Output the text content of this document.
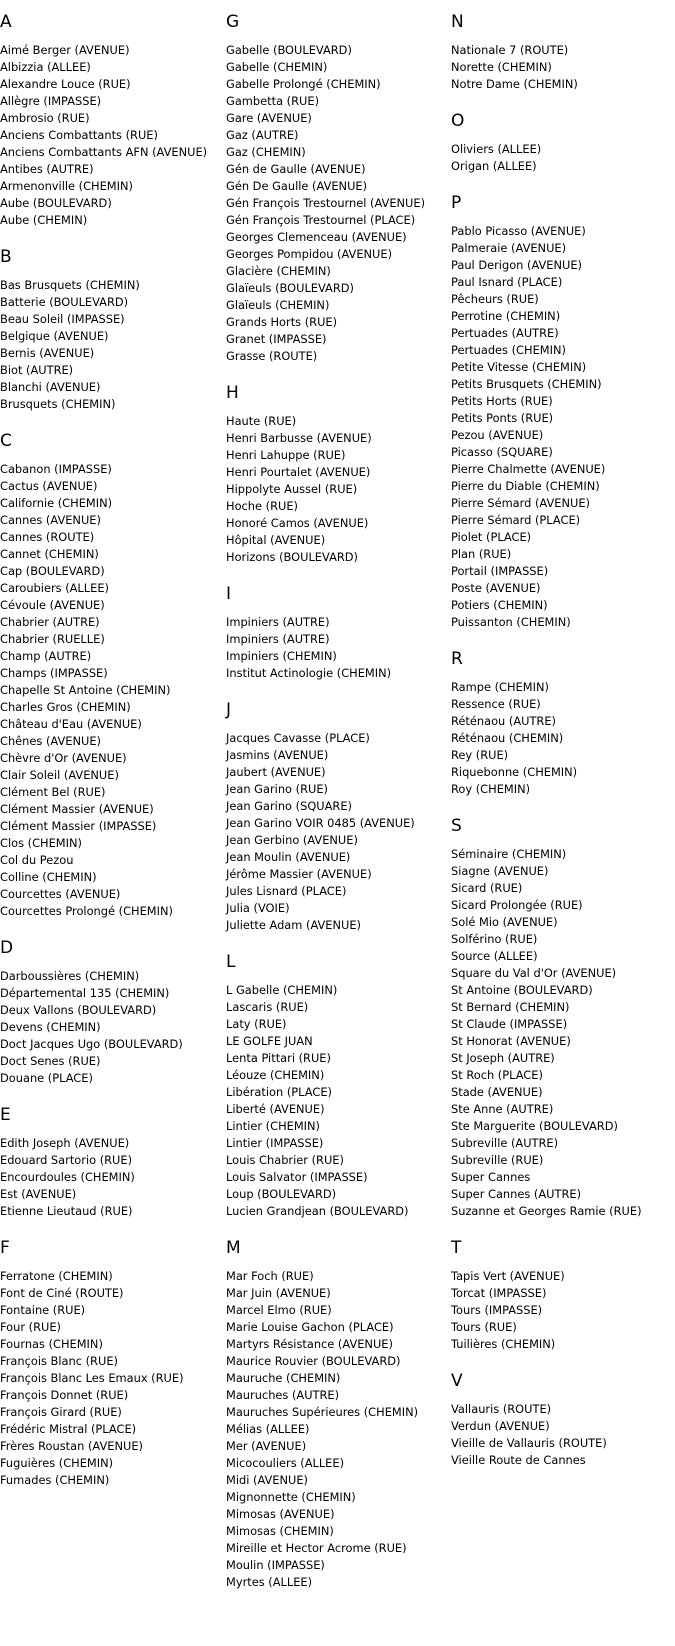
A
Aimé Berger (AVENUE)
Albizzia (ALLEE)
Alexandre Louce (RUE)
Allègre (IMPASSE)
Ambrosio (RUE)
Anciens Combattants (RUE)
Anciens Combattants AFN (AVENUE)
Antibes (AUTRE)
Armenonville (CHEMIN)
Aube (BOULEVARD)
Aube (CHEMIN)
B
Bas Brusquets (CHEMIN)
Batterie (BOULEVARD)
Beau Soleil (IMPASSE)
Belgique (AVENUE)
Bernis (AVENUE)
Biot (AUTRE)
Blanchi (AVENUE)
Brusquets (CHEMIN)
C
Cabanon (IMPASSE)
Cactus (AVENUE)
Californie (CHEMIN)
Cannes (AVENUE)
Cannes (ROUTE)
Cannet (CHEMIN)
Cap (BOULEVARD)
Caroubiers (ALLEE)
Cévoule (AVENUE)
Chabrier (AUTRE)
Chabrier (RUELLE)
Champ (AUTRE)
Champs (IMPASSE)
Chapelle St Antoine (CHEMIN)
Charles Gros (CHEMIN)
Château d'Eau (AVENUE)
Chênes (AVENUE)
Chèvre d'Or (AVENUE)
Clair Soleil (AVENUE)
Clément Bel (RUE)
Clément Massier (AVENUE)
Clément Massier (IMPASSE)
Clos (CHEMIN)
Col du Pezou
Colline (CHEMIN)
Courcettes (AVENUE)
Courcettes Prolongé (CHEMIN)
D
Darboussières (CHEMIN)
Départemental 135 (CHEMIN)
Deux Vallons (BOULEVARD)
Devens (CHEMIN)
Doct Jacques Ugo (BOULEVARD)
Doct Senes (RUE)
Douane (PLACE)
E
Edith Joseph (AVENUE)
Edouard Sartorio (RUE)
Encourdoules (CHEMIN)
Est (AVENUE)
Etienne Lieutaud (RUE)
F
Ferratone (CHEMIN)
Font de Ciné (ROUTE)
Fontaine (RUE)
Four (RUE)
Fournas (CHEMIN)
François Blanc (RUE)
François Blanc Les Emaux (RUE)
François Donnet (RUE)
François Girard (RUE)
Frédéric Mistral (PLACE)
Frères Roustan (AVENUE)
Fuguières (CHEMIN)
Fumades (CHEMIN)
G
Gabelle (BOULEVARD)
Gabelle (CHEMIN)
Gabelle Prolongé (CHEMIN)
Gambetta (RUE)
Gare (AVENUE)
Gaz (AUTRE)
Gaz (CHEMIN)
Gén de Gaulle (AVENUE)
Gén De Gaulle (AVENUE)
Gén François Trestournel (AVENUE)
Gén François Trestournel (PLACE)
Georges Clemenceau (AVENUE)
Georges Pompidou (AVENUE)
Glacière (CHEMIN)
Glaïeuls (BOULEVARD)
Glaïeuls (CHEMIN)
Grands Horts (RUE)
Granet (IMPASSE)
Grasse (ROUTE)
H
Haute (RUE)
Henri Barbusse (AVENUE)
Henri Lahuppe (RUE)
Henri Pourtalet (AVENUE)
Hippolyte Aussel (RUE)
Hoche (RUE)
Honoré Camos (AVENUE)
Hôpital (AVENUE)
Horizons (BOULEVARD)
I
Impiniers (AUTRE)
Impiniers (AUTRE)
Impiniers (CHEMIN)
Institut Actinologie (CHEMIN)
J
Jacques Cavasse (PLACE)
Jasmins (AVENUE)
Jaubert (AVENUE)
Jean Garino (RUE)
Jean Garino (SQUARE)
Jean Garino VOIR 0485 (AVENUE)
Jean Gerbino (AVENUE)
Jean Moulin (AVENUE)
Jérôme Massier (AVENUE)
Jules Lisnard (PLACE)
Julia (VOIE)
Juliette Adam (AVENUE)
L
L Gabelle (CHEMIN)
Lascaris (RUE)
Laty (RUE)
LE GOLFE JUAN
Lenta Pittari (RUE)
Léouze (CHEMIN)
Libération (PLACE)
Liberté (AVENUE)
Lintier (CHEMIN)
Lintier (IMPASSE)
Louis Chabrier (RUE)
Louis Salvator (IMPASSE)
Loup (BOULEVARD)
Lucien Grandjean (BOULEVARD)
M
Mar Foch (RUE)
Mar Juin (AVENUE)
Marcel Elmo (RUE)
Marie Louise Gachon (PLACE)
Martyrs Résistance (AVENUE)
Maurice Rouvier (BOULEVARD)
Mauruche (CHEMIN)
Mauruches (AUTRE)
Mauruches Supérieures (CHEMIN)
Mélias (ALLEE)
Mer (AVENUE)
Micocouliers (ALLEE)
Midi (AVENUE)
Mignonnette (CHEMIN)
Mimosas (AVENUE)
Mimosas (CHEMIN)
Mireille et Hector Acrome (RUE)
Moulin (IMPASSE)
Myrtes (ALLEE)
N
Nationale 7 (ROUTE)
Norette (CHEMIN)
Notre Dame (CHEMIN)
O
Oliviers (ALLEE)
Origan (ALLEE)
P
Pablo Picasso (AVENUE)
Palmeraie (AVENUE)
Paul Derigon (AVENUE)
Paul Isnard (PLACE)
Pêcheurs (RUE)
Perrotine (CHEMIN)
Pertuades (AUTRE)
Pertuades (CHEMIN)
Petite Vitesse (CHEMIN)
Petits Brusquets (CHEMIN)
Petits Horts (RUE)
Petits Ponts (RUE)
Pezou (AVENUE)
Picasso (SQUARE)
Pierre Chalmette (AVENUE)
Pierre du Diable (CHEMIN)
Pierre Sémard (AVENUE)
Pierre Sémard (PLACE)
Piolet (PLACE)
Plan (RUE)
Portail (IMPASSE)
Poste (AVENUE)
Potiers (CHEMIN)
Puissanton (CHEMIN)
R
Rampe (CHEMIN)
Ressence (RUE)
Réténaou (AUTRE)
Réténaou (CHEMIN)
Rey (RUE)
Riquebonne (CHEMIN)
Roy (CHEMIN)
S
Séminaire (CHEMIN)
Siagne (AVENUE)
Sicard (RUE)
Sicard Prolongée (RUE)
Solé Mio (AVENUE)
Solférino (RUE)
Source (ALLEE)
Square du Val d'Or (AVENUE)
St Antoine (BOULEVARD)
St Bernard (CHEMIN)
St Claude (IMPASSE)
St Honorat (AVENUE)
St Joseph (AUTRE)
St Roch (PLACE)
Stade (AVENUE)
Ste Anne (AUTRE)
Ste Marguerite (BOULEVARD)
Subreville (AUTRE)
Subreville (RUE)
Super Cannes
Super Cannes (AUTRE)
Suzanne et Georges Ramie (RUE)
T
Tapis Vert (AVENUE)
Torcat (IMPASSE)
Tours (IMPASSE)
Tours (RUE)
Tuilières (CHEMIN)
V
Vallauris (ROUTE)
Verdun (AVENUE)
Vieille de Vallauris (ROUTE)
Vieille Route de Cannes
